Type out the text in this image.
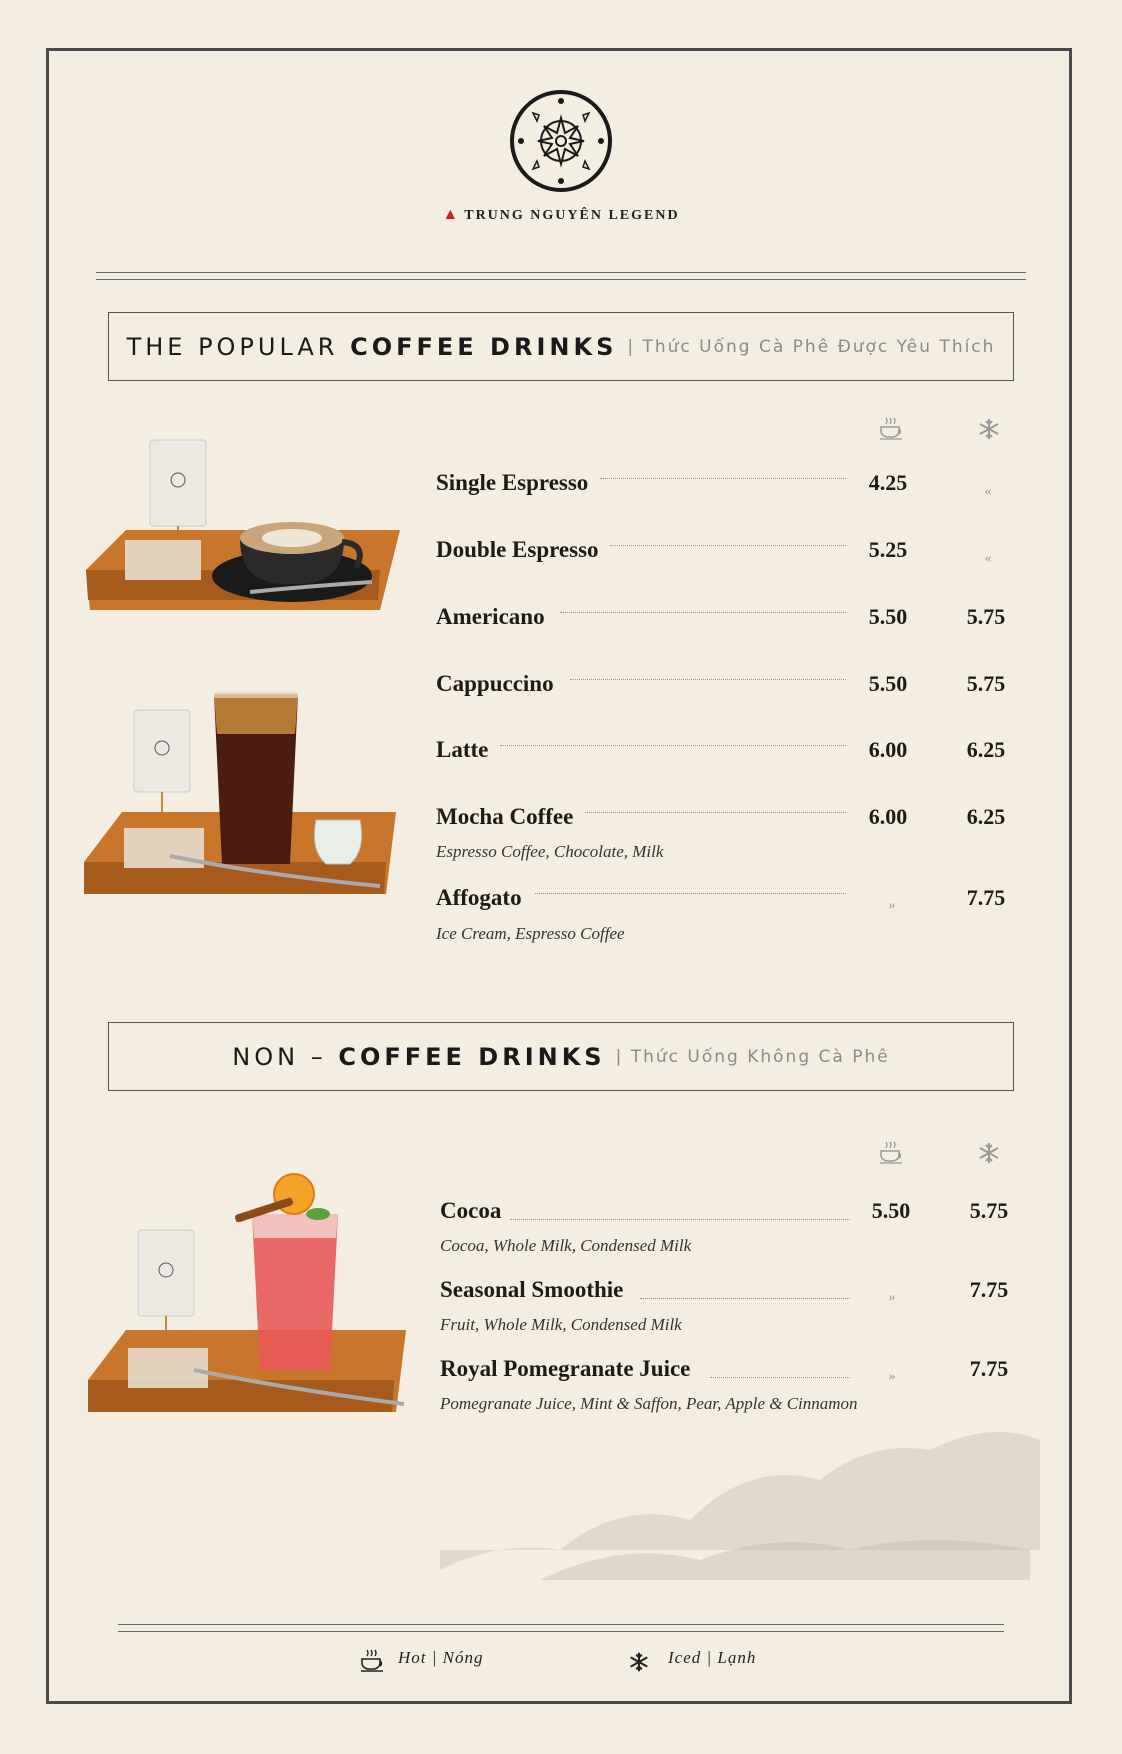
▲ TRUNG NGUYÊN LEGEND
THE POPULAR COFFEE DRINKS | Thức Uống Cà Phê Được Yêu Thích
Single Espresso	4.25	«
Double Espresso	5.25	«
Americano	5.50	5.75
Cappuccino	5.50	5.75
Latte	6.00	6.25
Mocha Coffee	6.00	6.25
Espresso Coffee, Chocolate, Milk
Affogato	»	7.75
Ice Cream, Espresso Coffee
NON – COFFEE DRINKS | Thức Uống Không Cà Phê
Cocoa	5.50	5.75
Cocoa, Whole Milk, Condensed Milk
Seasonal Smoothie	»	7.75
Fruit, Whole Milk, Condensed Milk
Royal Pomegranate Juice	»	7.75
Pomegranate Juice, Mint & Saffon, Pear, Apple & Cinnamon
Hot | Nóng	Iced | Lạnh
